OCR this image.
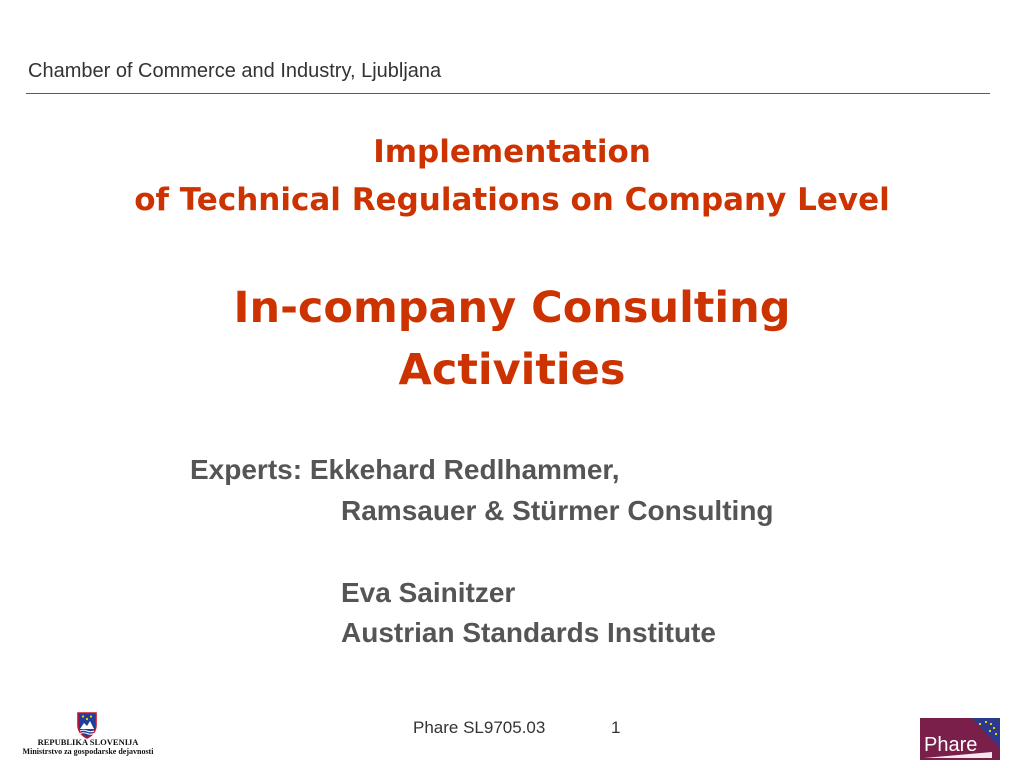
Chamber of Commerce and Industry, Ljubljana
Implementation
of Technical Regulations on Company Level
In-company Consulting
Activities
Experts: Ekkehard Redlhammer,
Ramsauer & Stürmer Consulting
Eva Sainitzer
Austrian Standards Institute
REPUBLIKA SLOVENIJA
Ministrstvo za gospodarske dejavnosti
Phare SL9705.03	1
Phare
